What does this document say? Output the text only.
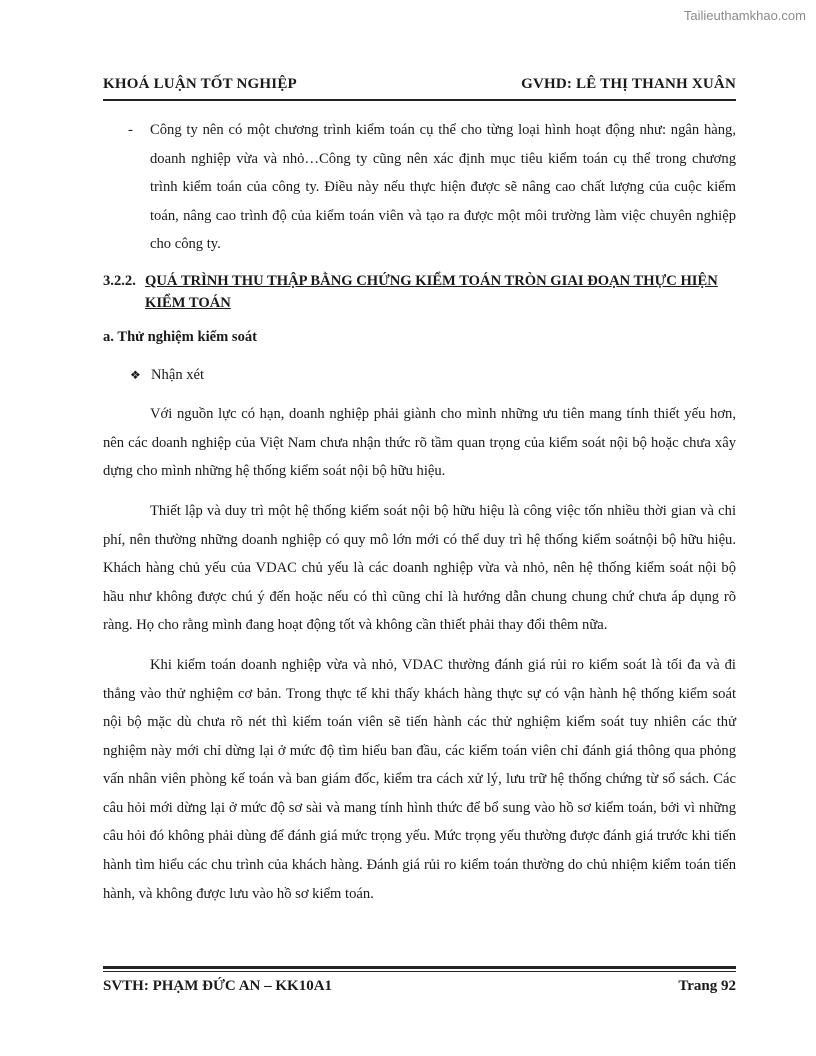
Tailieuthamkhao.com
KHOÁ LUẬN TỐT NGHIỆP	GVHD: LÊ THỊ THANH XUÂN
-	Công ty nên có một chương trình kiểm toán cụ thể cho từng loại hình hoạt động như: ngân hàng, doanh nghiệp vừa và nhỏ…Công ty cũng nên xác định mục tiêu kiểm toán cụ thể trong chương trình kiểm toán của công ty. Điều này nếu thực hiện được sẽ nâng cao chất lượng của cuộc kiểm toán, nâng cao trình độ của kiểm toán viên và tạo ra được một môi trường làm việc chuyên nghiệp cho công ty.
3.2.2. QUÁ TRÌNH THU THẬP BẰNG CHỨNG KIỂM TOÁN TRÒN GIAI ĐOẠN THỰC HIỆN KIỂM TOÁN
a. Thử nghiệm kiểm soát
❖ Nhận xét

Với nguồn lực có hạn, doanh nghiệp phải giành cho mình những ưu tiên mang tính thiết yếu hơn, nên các doanh nghiệp của Việt Nam chưa nhận thức rõ tầm quan trọng của kiểm soát nội bộ hoặc chưa xây dựng cho mình những hệ thống kiểm soát nội bộ hữu hiệu.

Thiết lập và duy trì một hệ thống kiểm soát nội bộ hữu hiệu là công việc tốn nhiều thời gian và chi phí, nên thường những doanh nghiệp có quy mô lớn mới có thể duy trì hệ thống kiểm soátnội bộ hữu hiệu. Khách hàng chủ yếu của VDAC chủ yếu là các doanh nghiệp vừa và nhỏ, nên hệ thống kiểm soát nội bộ hầu như không được chú ý đến hoặc nếu có thì cũng chỉ là hướng dẫn chung chung chứ chưa áp dụng rõ ràng. Họ cho rằng mình đang hoạt động tốt và không cần thiết phải thay đổi thêm nữa.

Khi kiểm toán doanh nghiệp vừa và nhỏ, VDAC thường đánh giá rủi ro kiểm soát là tối đa và đi thẳng vào thử nghiệm cơ bản. Trong thực tế khi thấy khách hàng thực sự có vận hành hệ thống kiểm soát nội bộ mặc dù chưa rõ nét thì kiểm toán viên sẽ tiến hành các thử nghiệm kiểm soát tuy nhiên các thử nghiệm này mới chỉ dừng lại ở mức độ tìm hiểu ban đầu, các kiểm toán viên chỉ đánh giá thông qua phỏng vấn nhân viên phòng kế toán và ban giám đốc, kiểm tra cách xử lý, lưu trữ hệ thống chứng từ sổ sách. Các câu hỏi mới dừng lại ở mức độ sơ sài và mang tính hình thức để bổ sung vào hồ sơ kiểm toán, bởi vì những câu hỏi đó không phải dùng để đánh giá mức trọng yếu. Mức trọng yếu thường được đánh giá trước khi tiến hành tìm hiểu các chu trình của khách hàng. Đánh giá rủi ro kiểm toán thường do chủ nhiệm kiểm toán tiến hành, và không được lưu vào hồ sơ kiểm toán.

SVTH: PHẠM ĐỨC AN – KK10A1	Trang 92
